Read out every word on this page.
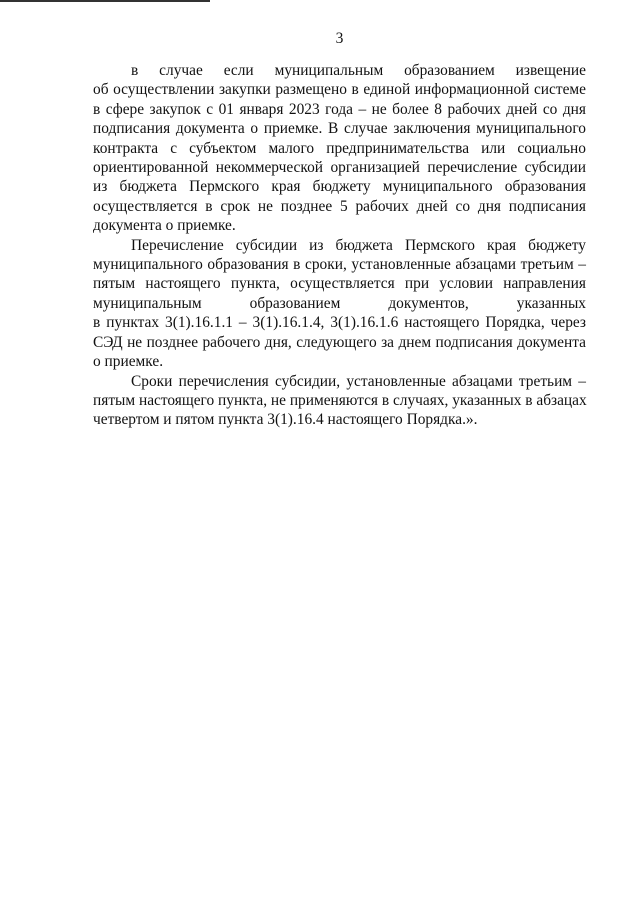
3
в случае если муниципальным образованием извещение
об осуществлении закупки размещено в единой информационной системе
в сфере закупок с 01 января 2023 года – не более 8 рабочих дней со дня
подписания документа о приемке. В случае заключения муниципального
контракта с субъектом малого предпринимательства или социально
ориентированной некоммерческой организацией перечисление субсидии
из бюджета Пермского края бюджету муниципального образования
осуществляется в срок не позднее 5 рабочих дней со дня подписания
документа о приемке.
Перечисление субсидии из бюджета Пермского края бюджету
муниципального образования в сроки, установленные абзацами третьим –
пятым настоящего пункта, осуществляется при условии направления
муниципальным образованием документов, указанных
в пунктах 3(1).16.1.1 – 3(1).16.1.4, 3(1).16.1.6 настоящего Порядка, через
СЭД не позднее рабочего дня, следующего за днем подписания документа
о приемке.
Сроки перечисления субсидии, установленные абзацами третьим –
пятым настоящего пункта, не применяются в случаях, указанных в абзацах
четвертом и пятом пункта 3(1).16.4 настоящего Порядка.».
